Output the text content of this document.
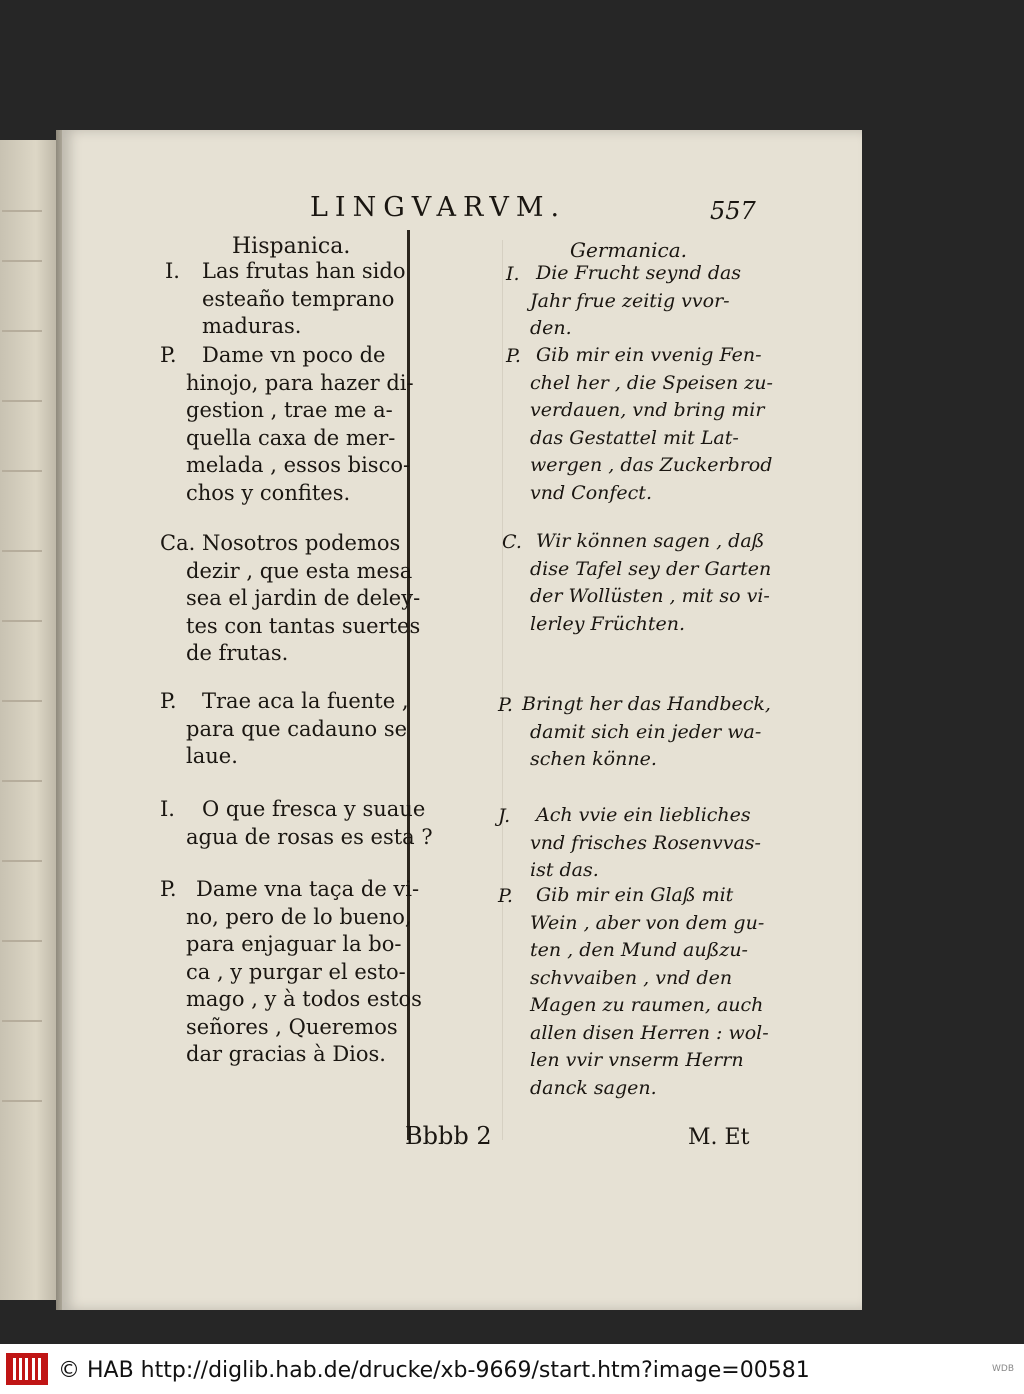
LINGVARVM.	557
Hispanica.	Germanica.
I. Las frutas han sido
esteaño temprano
maduras.
P. Dame vn poco de
hinojo, para hazer di-
gestion , trae me a-
quella caxa de mer-
melada , essos bisco-
chos y confites.
Ca. Nosotros podemos
dezir , que esta mesa
sea el jardin de deley-
tes con tantas suertes
de frutas.
P. Trae aca la fuente ,
para que cadauno se
laue.
I. O que fresca y suaue
agua de rosas es esta ?
P. Dame vna taça de vi-
no, pero de lo bueno,
para enjaguar la bo-
ca , y purgar el esto-
mago , y à todos estos
señores , Queremos
dar gracias à Dios.
I. Die Frucht seynd das
Jahr frue zeitig vvor-
den.
P. Gib mir ein vvenig Fen-
chel her , die Speisen zu-
verdauen, vnd bring mir
das Gestattel mit Lat-
wergen , das Zuckerbrod
vnd Confect.
C. Wir können sagen , daß
dise Tafel sey der Garten
der Wollüsten , mit so vi-
lerley Früchten.
P. Bringt her das Handbeck,
damit sich ein jeder wa-
schen könne.
J. Ach vvie ein liebliches
vnd frisches Rosenvvas-
ist das.
P. Gib mir ein Glaß mit
Wein , aber von dem gu-
ten , den Mund außzu-
schvvaiben , vnd den
Magen zu raumen, auch
allen disen Herren : wol-
len vvir vnserm Herrn
danck sagen.
Bbbb 2	M. Et
© HAB http://diglib.hab.de/drucke/xb-9669/start.htm?image=00581	WDB
